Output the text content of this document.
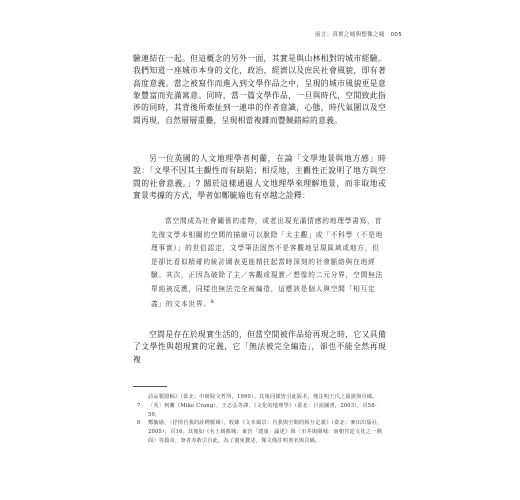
前言：真實之城與想像之城 005

驗連結在一起。但這概念的另外一面，其實是與山林相對的城市經驗。我們知道一座城市本身的文化，政治，經濟以及庶民社會風貌，即有著高度意義。當之被寫作而進入到文學作品之中，呈現的城市風貌更是意象豐富而充滿寓意。同時，當一篇文學作品，一旦與時代，空間致此指涉的同時，其背後所牽扯到一連串的作者意識，心態，時代氣圍以及空間再現，自然層層重疊，呈現相當複雜而豐饒錯綜的意義。

另一位英國的人文地理學者柯蘭，在論「文學地景與地方感」時說：「文學不因其主觀性而有缺陷；相反地，主觀性正說明了地方與空間的社會意義。」7 關於這樣通過人文地理學來理解地景，而非取地或實景考據的方式，學者如鄭毓瑜也有卓越之詮釋：

當空間成為社會關係的產物，或者出現充滿情感的地理學書寫，首先復文學本相關的空間的描繪可以脫除「太主觀」或「不科學（不是地理事實）」的世俗認定，文學筆法固然不是客觀地呈現區域或地方，但是卻比看似精確的統計圖表更能精拄起當時深刻的社會脈絡與在地經驗。其次，正因為破除了主／客觀或現實／想像的二元分界，空間無法單純被反應，同樣也無法完全被編造，這應該是個人與空間「相互定義」的文本世界。$^8$

空間是存在於現實生活的，但當空間被作品給再現之時，它又具備了文學性與超現實的定義，它「無法被完全編造」，卻也不能全然再現複

詩品製證稿》（臺北：中研院文哲所，1999）。其後同樣皆引此版本，僅注明王氏之篇證與頁碼。

7 〔英〕柯蘭（Mike Crang），王志弘等譯，《文化的地理學》（臺北：巨流圖書，2003），頁58-59。

8 鄭毓瑜，〈抒情自我的詮釋脈絡〉，收錄《文本風景：自我與空間的相互定義》（臺北：麥田出版社，2005），頁16。其後如《名士與都城：東晉「建康」論述》與〈市井與園城：南朝宮廷文化之一側面〉等篇章，筆者亦敢引自此，為了避免贅述，僅文僅註明書名與頁碼。
